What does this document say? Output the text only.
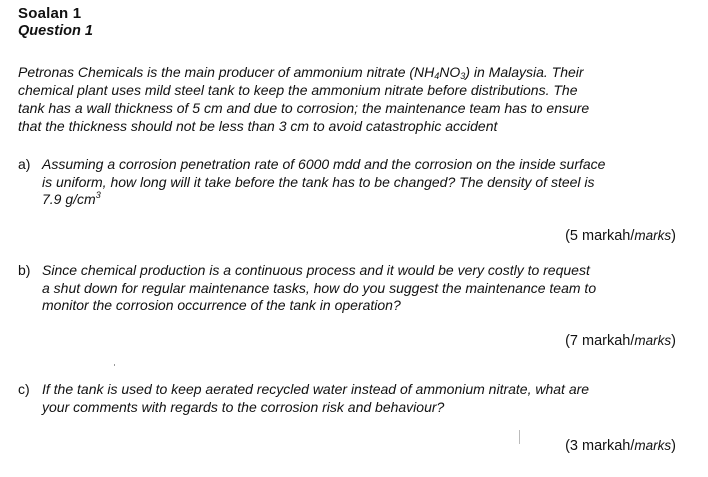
Soalan 1
Question 1
Petronas Chemicals is the main producer of ammonium nitrate $(NH_4NO_3)$ in Malaysia. Their
chemical plant uses mild steel tank to keep the ammonium nitrate before distributions. The
tank has a wall thickness of 5 cm and due to corrosion; the maintenance team has to ensure
that the thickness should not be less than 3 cm to avoid catastrophic accident
a) Assuming a corrosion penetration rate of 6000 mdd and the corrosion on the inside surface
is uniform, how long will it take before the tank has to be changed? The density of steel is
7.9 $g/cm^3$
(5 markah/marks)
b) Since chemical production is a continuous process and it would be very costly to request
a shut down for regular maintenance tasks, how do you suggest the maintenance team to
monitor the corrosion occurrence of the tank in operation?
(7 markah/marks)
c) If the tank is used to keep aerated recycled water instead of ammonium nitrate, what are
your comments with regards to the corrosion risk and behaviour?
(3 markah/marks)
